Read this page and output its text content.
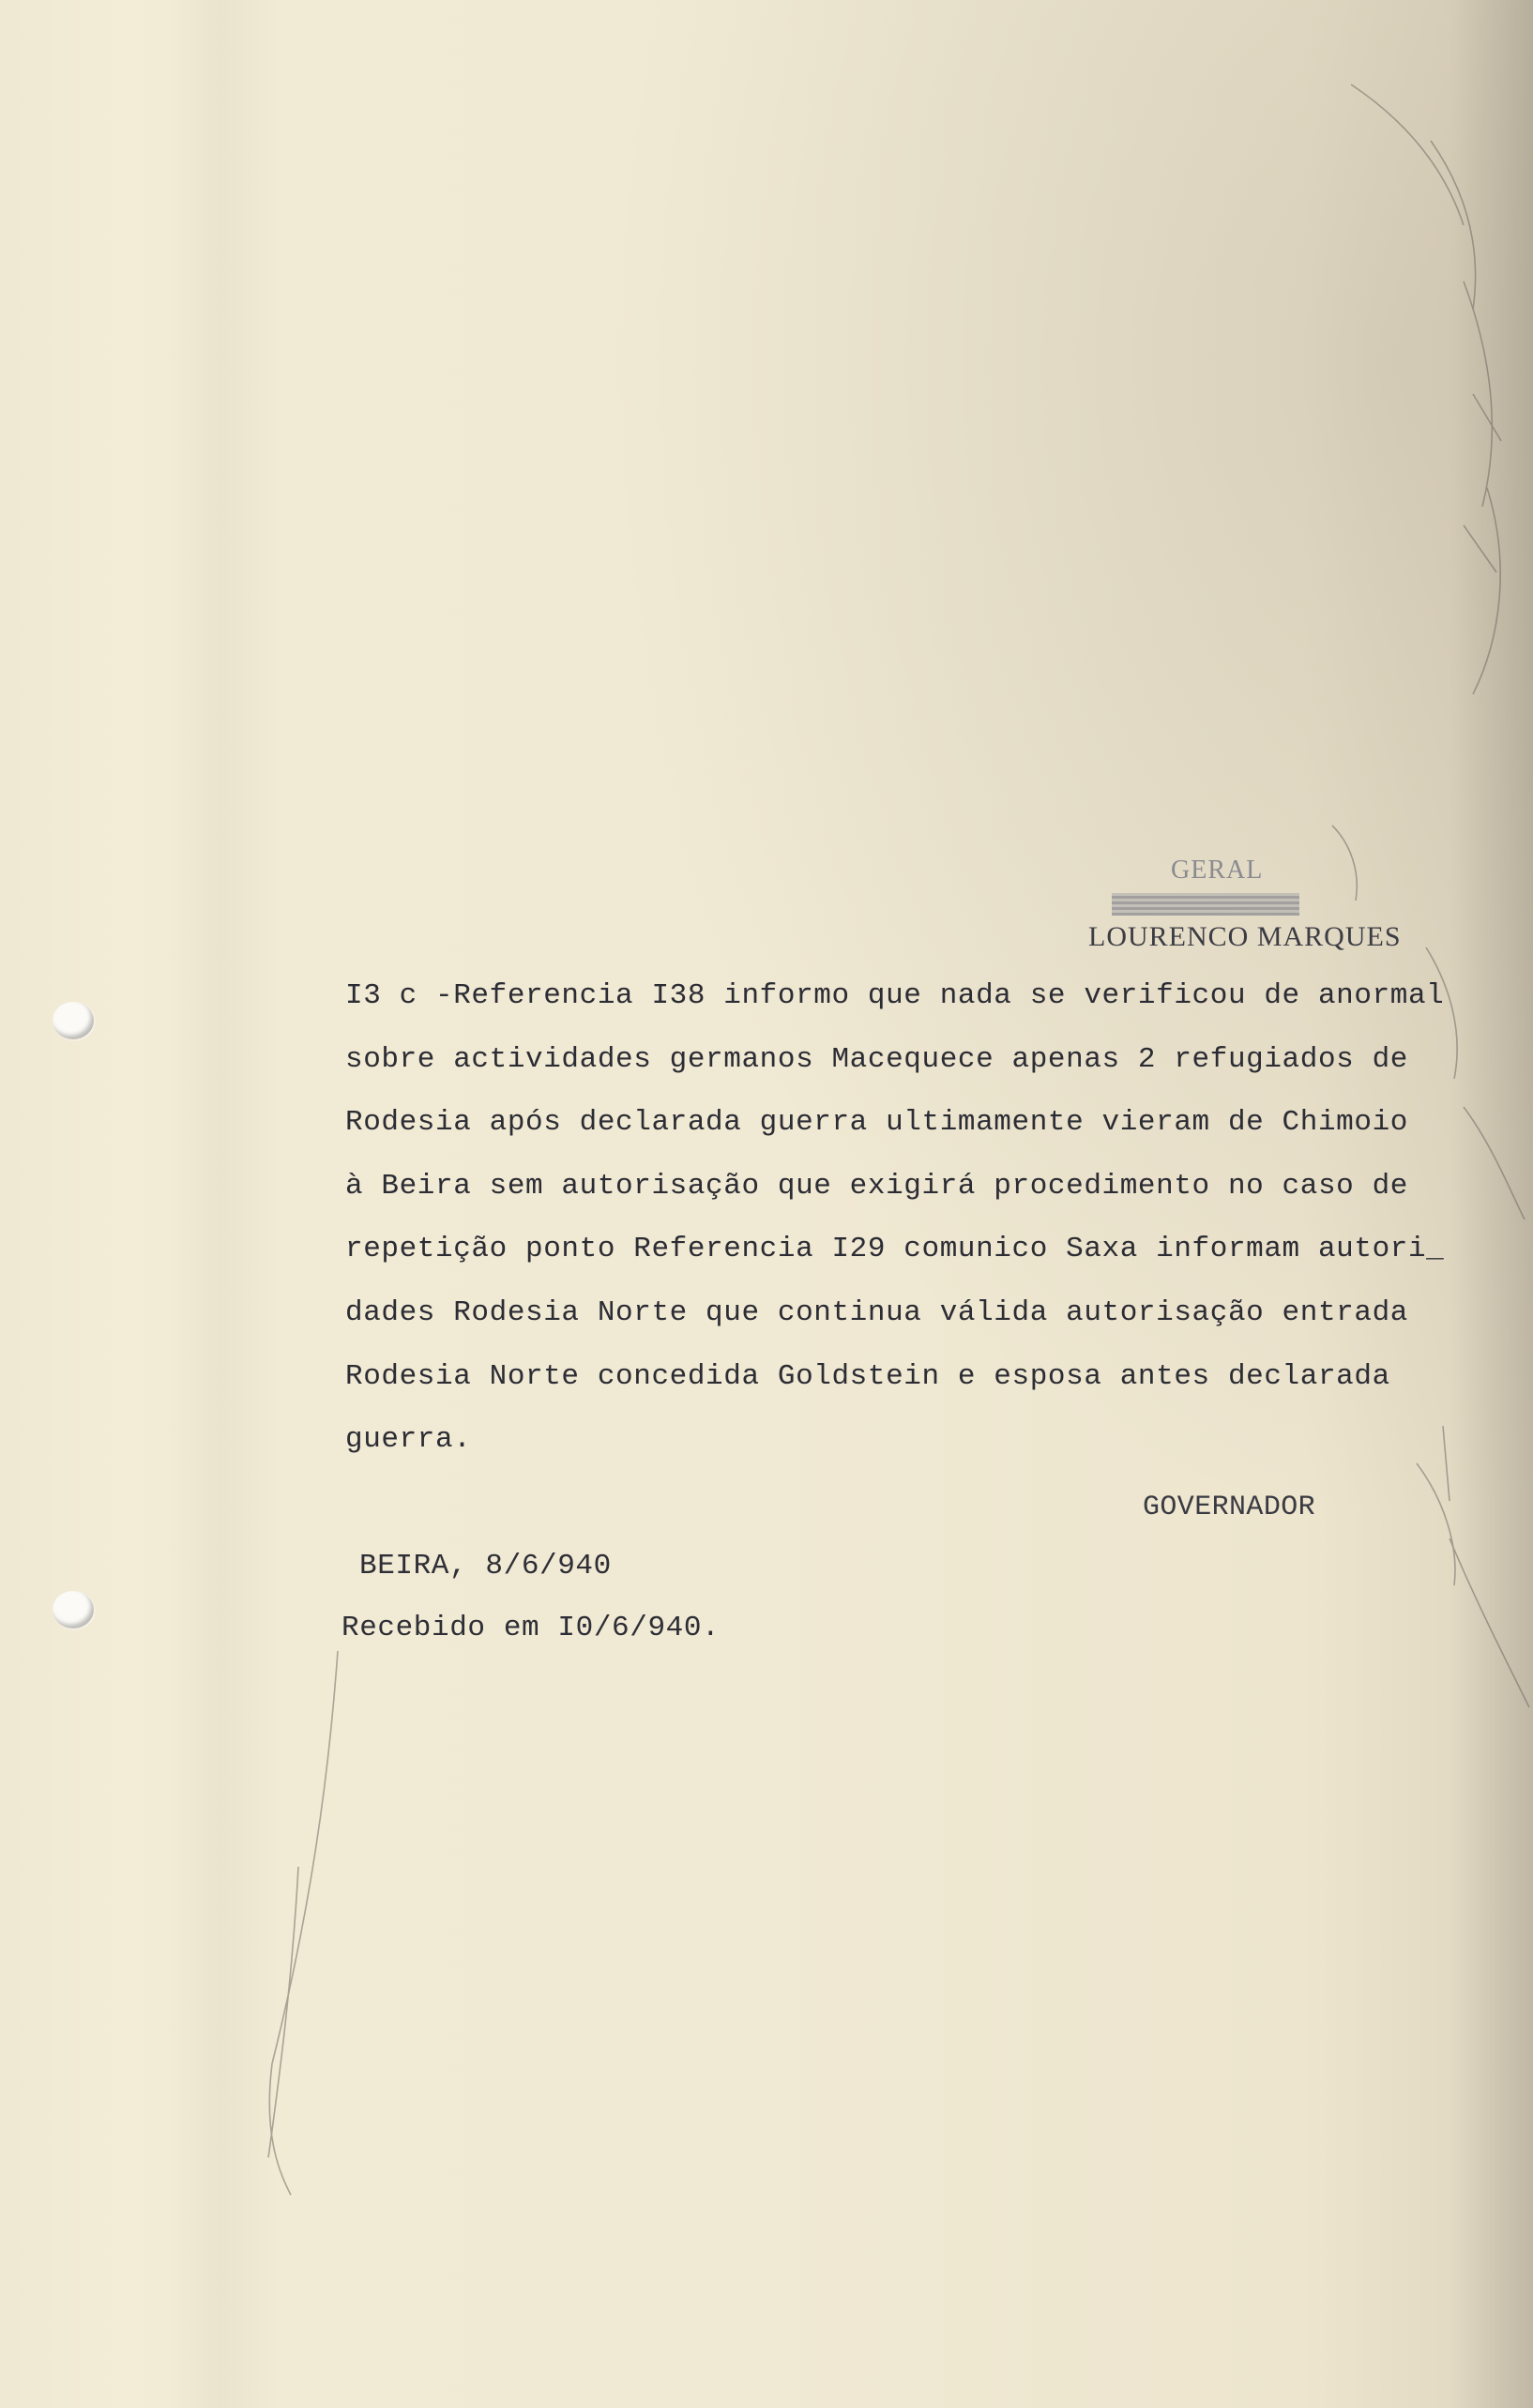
GERAL
LOURENCO MARQUES
I3 c -Referencia I38 informo que nada se verificou de anormal
sobre actividades germanos Macequece apenas 2 refugiados de
Rodesia após declarada guerra ultimamente vieram de Chimoio
à Beira sem autorisação que exigirá procedimento no caso de
repetição ponto Referencia I29 comunico Saxa informam autori_
dades Rodesia Norte que continua válida autorisação entrada
Rodesia Norte concedida Goldstein e esposa antes declarada
guerra.
GOVERNADOR
BEIRA, 8/6/940
Recebido em I0/6/940.
